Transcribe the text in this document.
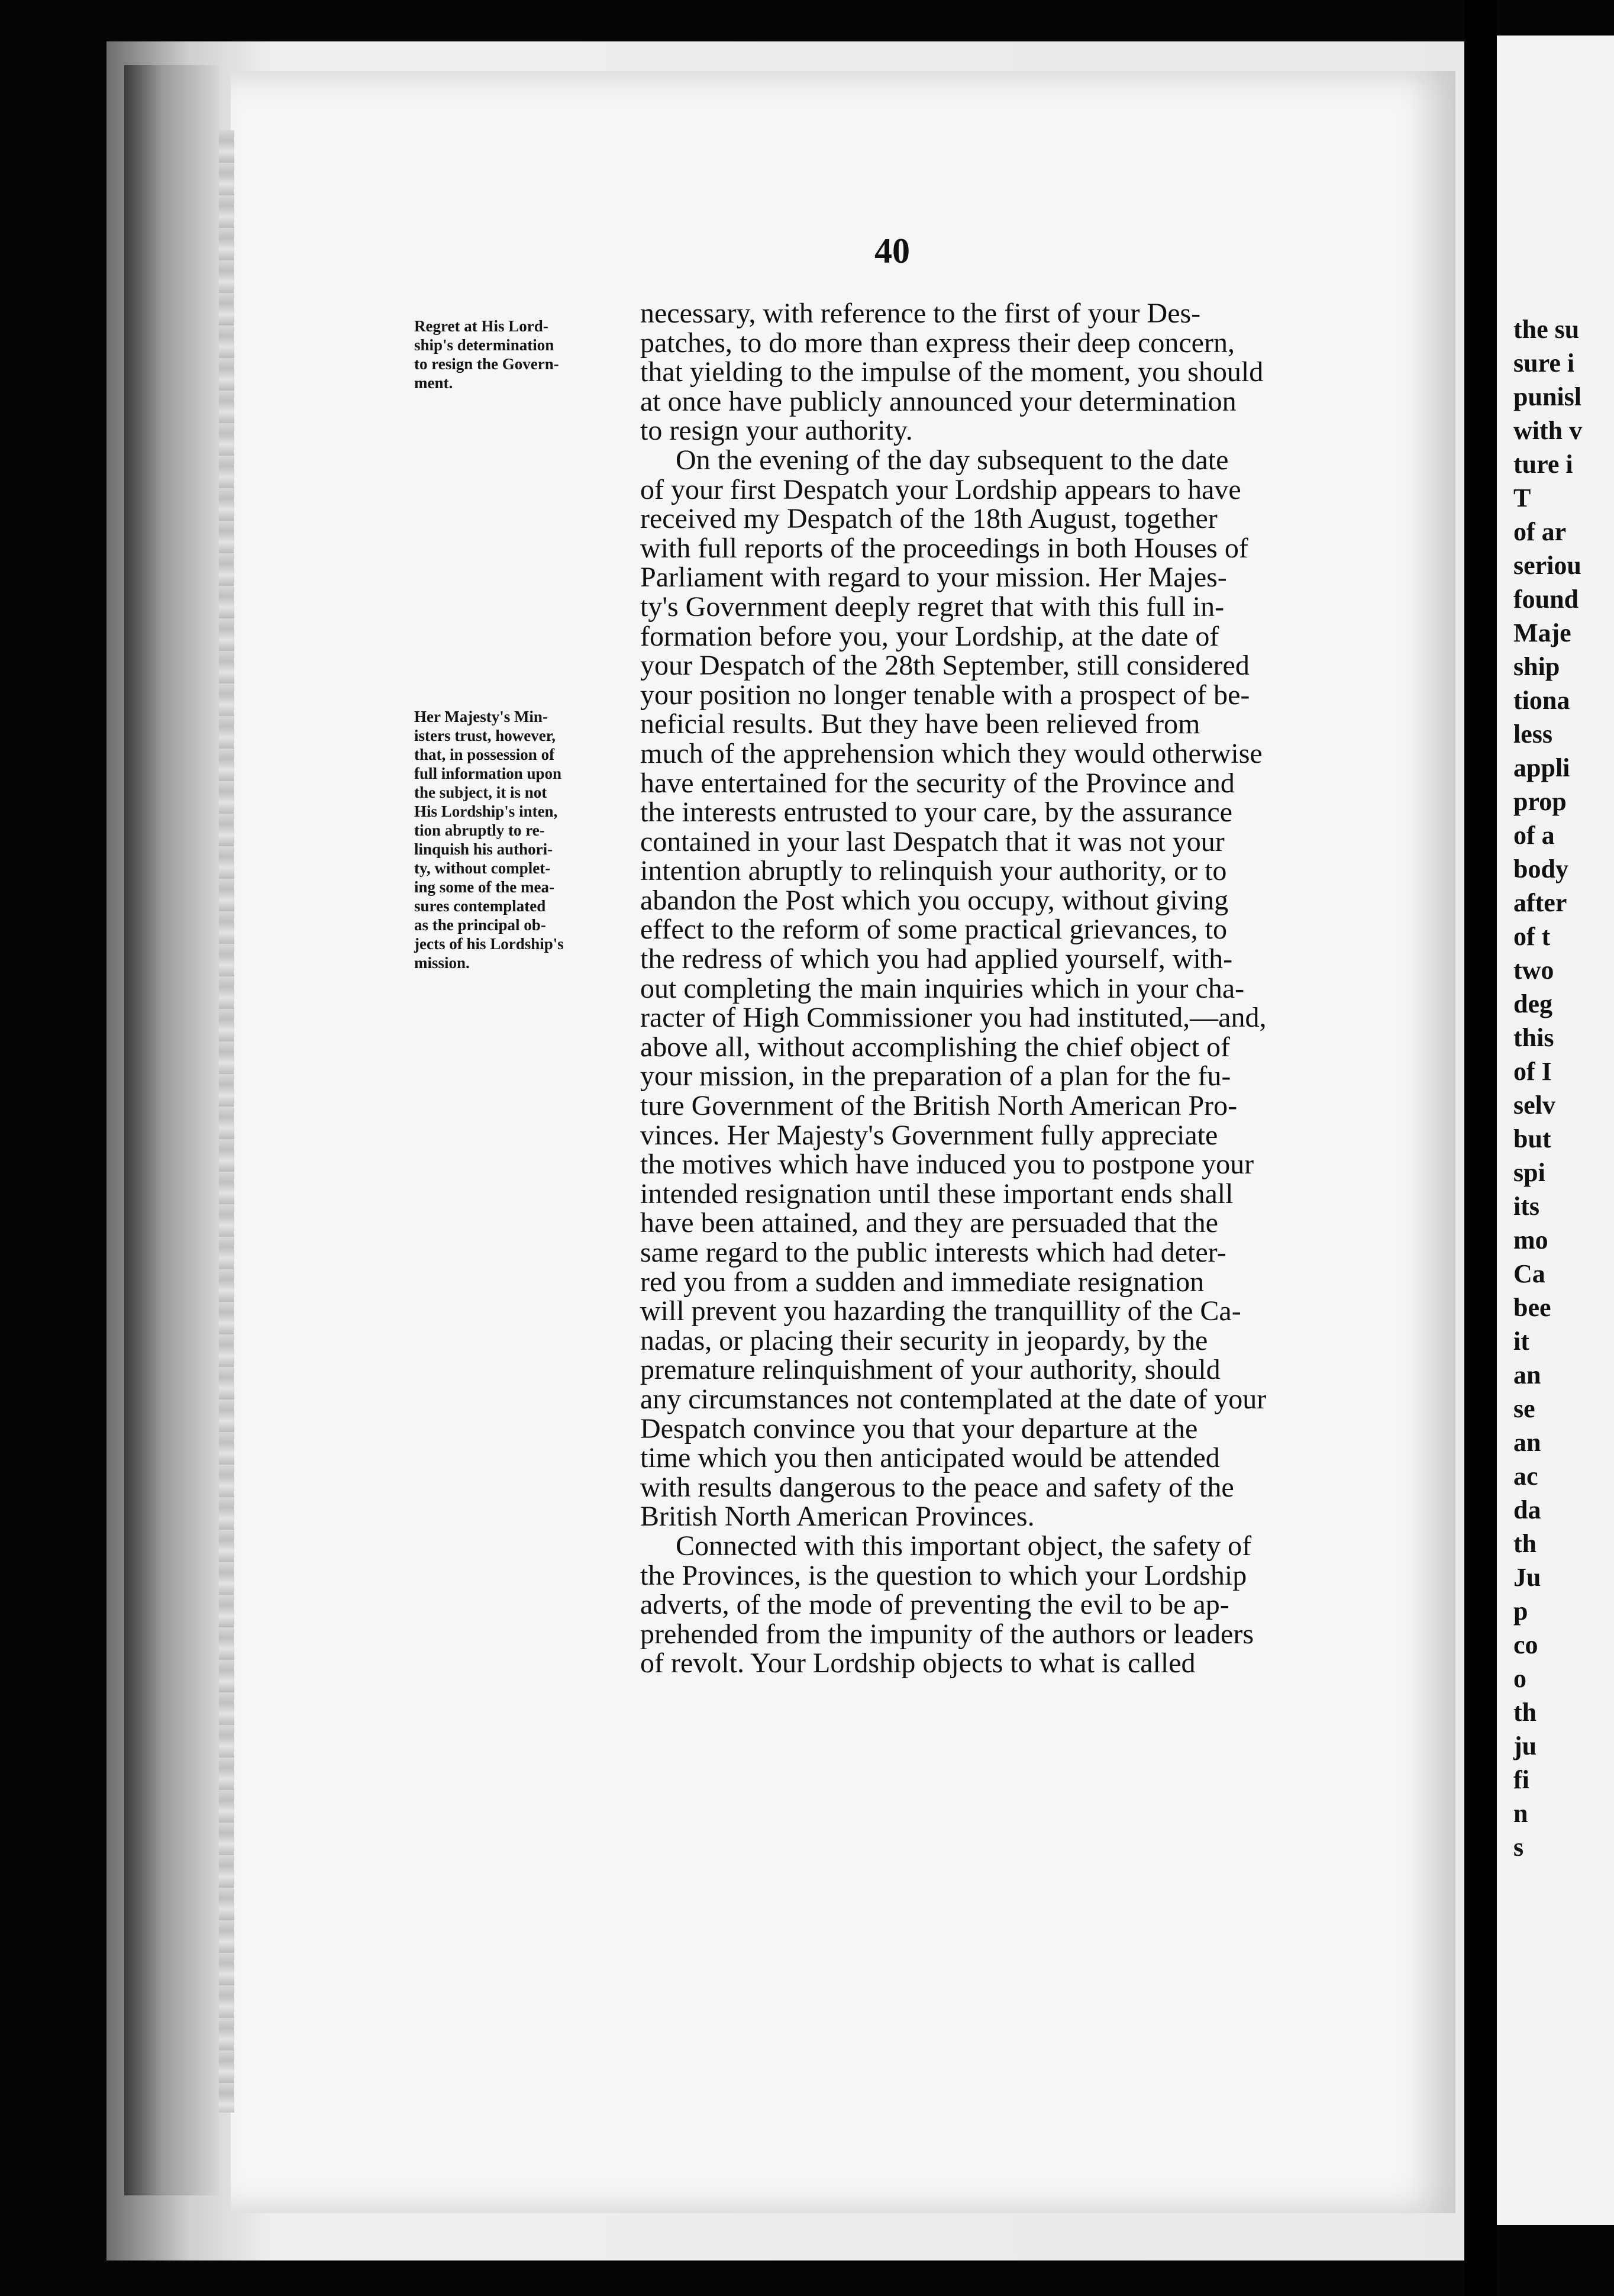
the su
sure i
punisl
with v
ture i
T
of ar
seriou
found
Maje
ship
tiona
less
appli
prop
of a
body
after
of t
two
deg
this
of I
selv
but
spi
its
mo
Ca
bee
it
an
se
an
ac
da
th
Ju
p
co
o
th
ju
fi
n
s
40
Regret at His Lord-
ship's determination
to resign the Govern-
ment.
Her Majesty's Min-
isters trust, however,
that, in possession of
full information upon
the subject, it is not
His Lordship's inten,
tion abruptly to re-
linquish his authori-
ty, without complet-
ing some of the mea-
sures contemplated
as the principal ob-
jects of his Lordship's
mission.
necessary, with reference to the first of your Des-
patches, to do more than express their deep concern,
that yielding to the impulse of the moment, you should
at once have publicly announced your determination
to resign your authority.
On the evening of the day subsequent to the date
of your first Despatch your Lordship appears to have
received my Despatch of the 18th August, together
with full reports of the proceedings in both Houses of
Parliament with regard to your mission. Her Majes-
ty's Government deeply regret that with this full in-
formation before you, your Lordship, at the date of
your Despatch of the 28th September, still considered
your position no longer tenable with a prospect of be-
neficial results. But they have been relieved from
much of the apprehension which they would otherwise
have entertained for the security of the Province and
the interests entrusted to your care, by the assurance
contained in your last Despatch that it was not your
intention abruptly to relinquish your authority, or to
abandon the Post which you occupy, without giving
effect to the reform of some practical grievances, to
the redress of which you had applied yourself, with-
out completing the main inquiries which in your cha-
racter of High Commissioner you had instituted,—and,
above all, without accomplishing the chief object of
your mission, in the preparation of a plan for the fu-
ture Government of the British North American Pro-
vinces. Her Majesty's Government fully appreciate
the motives which have induced you to postpone your
intended resignation until these important ends shall
have been attained, and they are persuaded that the
same regard to the public interests which had deter-
red you from a sudden and immediate resignation
will prevent you hazarding the tranquillity of the Ca-
nadas, or placing their security in jeopardy, by the
premature relinquishment of your authority, should
any circumstances not contemplated at the date of your
Despatch convince you that your departure at the
time which you then anticipated would be attended
with results dangerous to the peace and safety of the
British North American Provinces.
Connected with this important object, the safety of
the Provinces, is the question to which your Lordship
adverts, of the mode of preventing the evil to be ap-
prehended from the impunity of the authors or leaders
of revolt. Your Lordship objects to what is called
